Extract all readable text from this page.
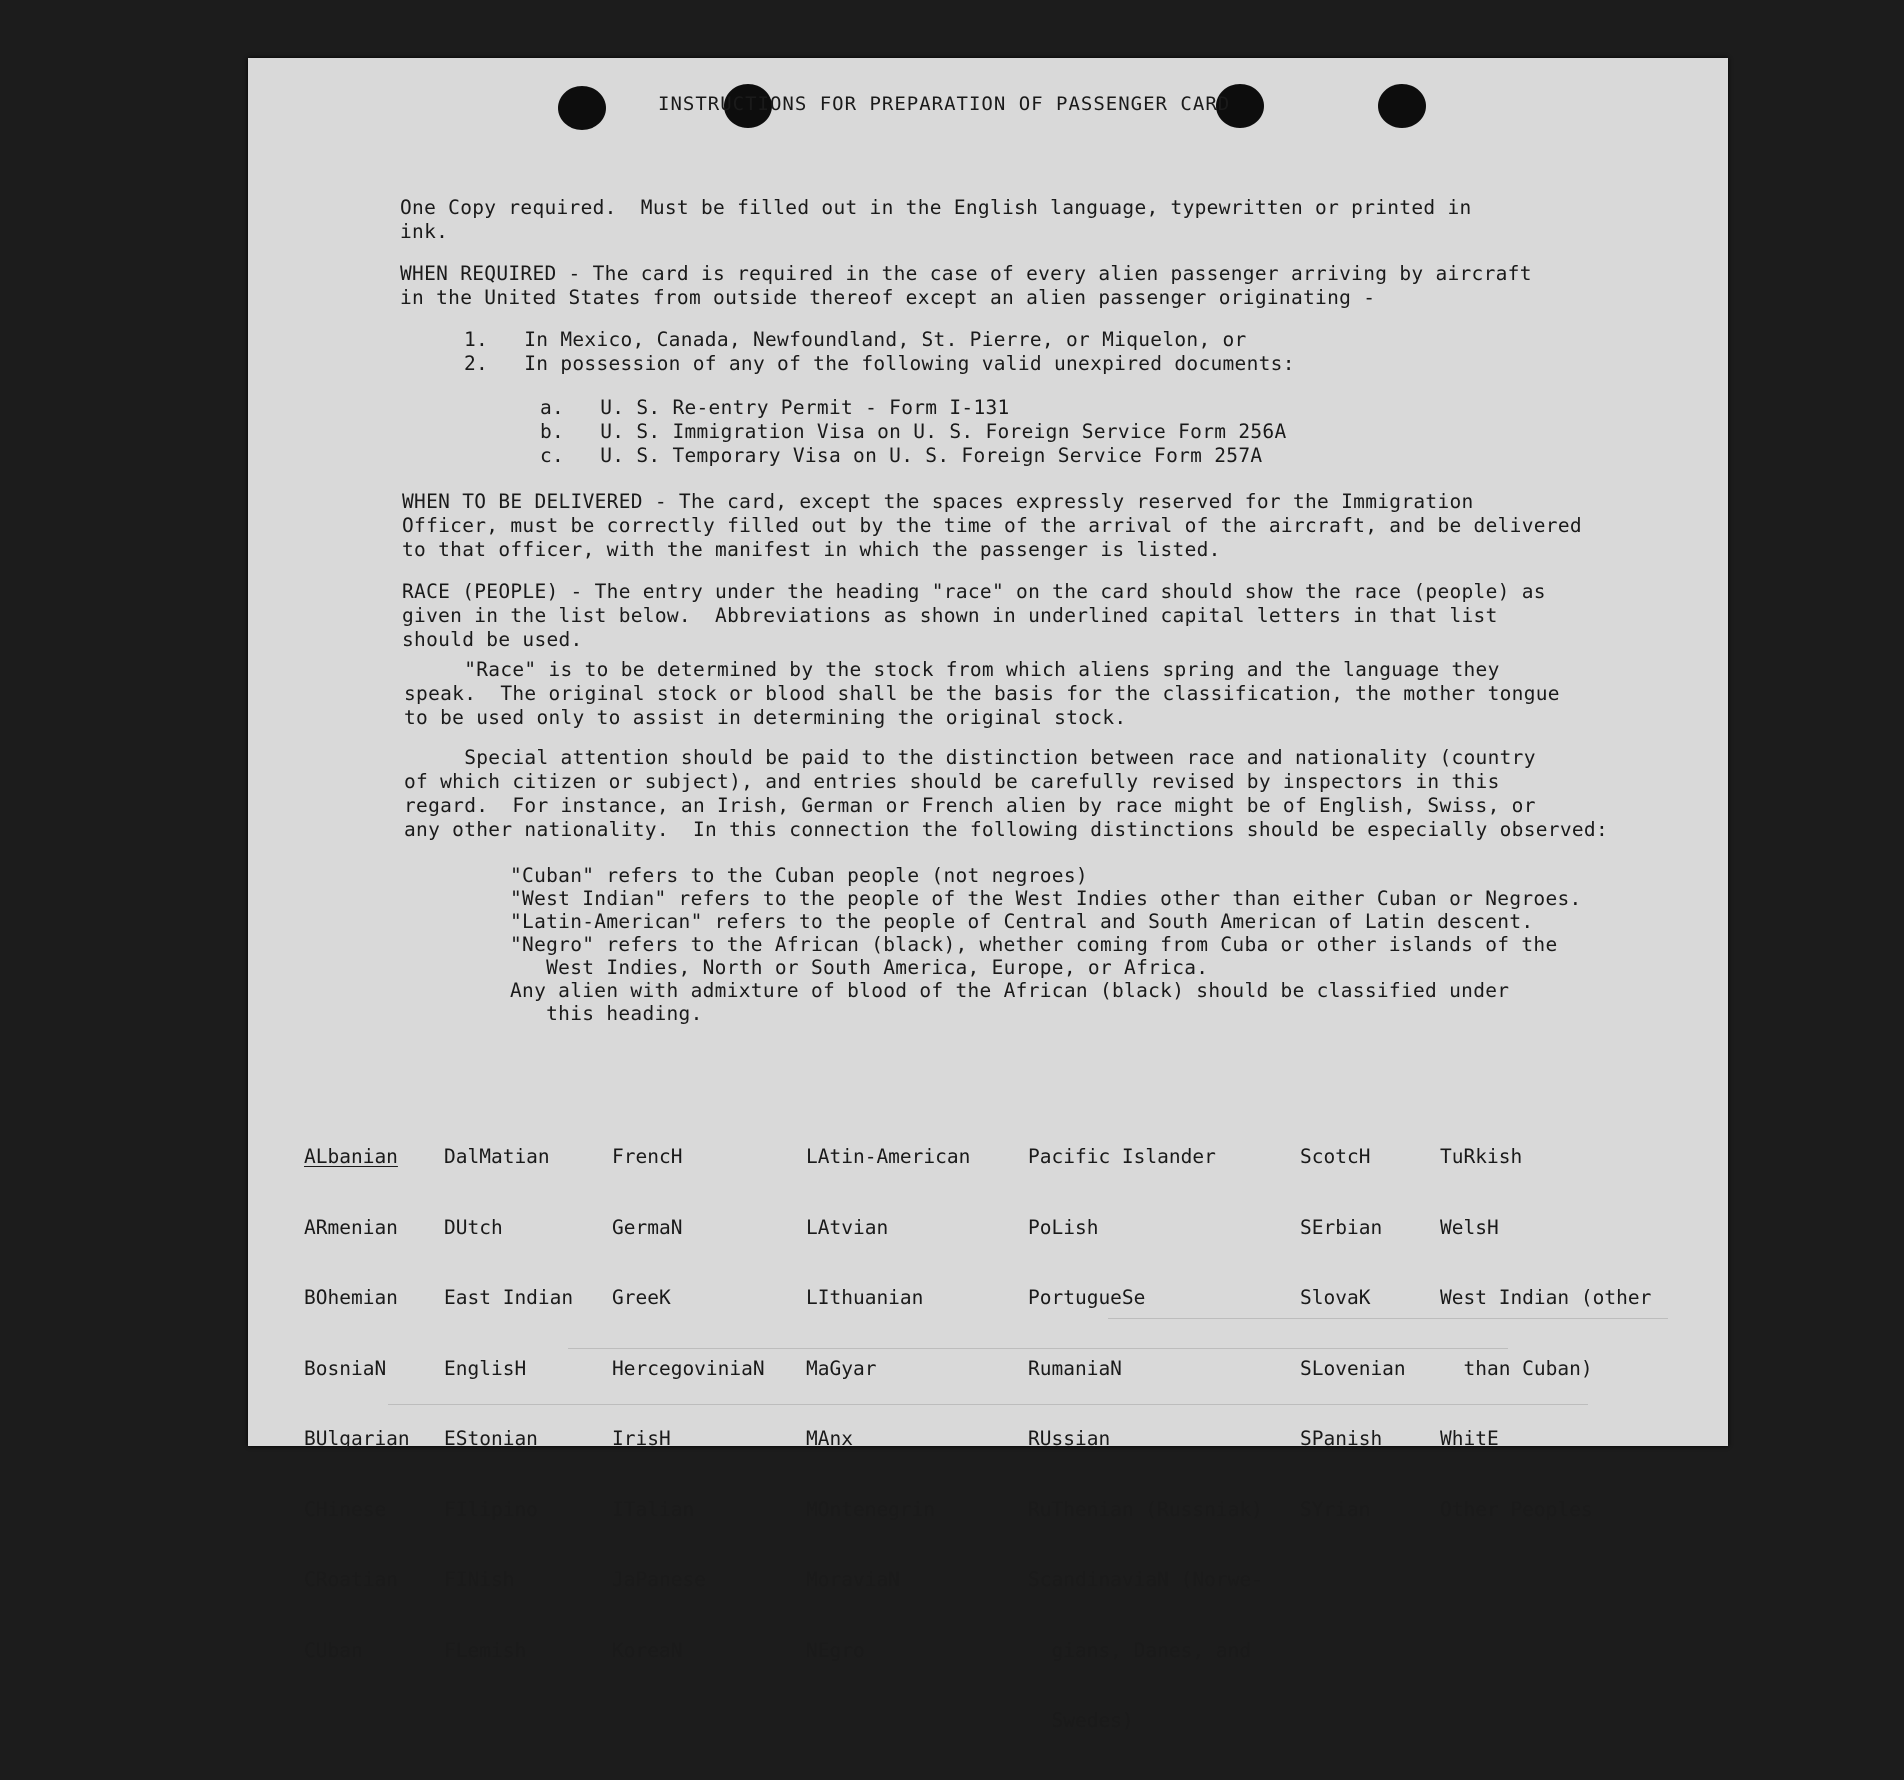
INSTRUCTIONS FOR PREPARATION OF PASSENGER CARD

One Copy required.  Must be filled out in the English language, typewritten or printed in
ink.

WHEN REQUIRED - The card is required in the case of every alien passenger arriving by aircraft
in the United States from outside thereof except an alien passenger originating -

1.   In Mexico, Canada, Newfoundland, St. Pierre, or Miquelon, or
2.   In possession of any of the following valid unexpired documents:

a.   U. S. Re-entry Permit - Form I-131
b.   U. S. Immigration Visa on U. S. Foreign Service Form 256A
c.   U. S. Temporary Visa on U. S. Foreign Service Form 257A

WHEN TO BE DELIVERED - The card, except the spaces expressly reserved for the Immigration
Officer, must be correctly filled out by the time of the arrival of the aircraft, and be delivered
to that officer, with the manifest in which the passenger is listed.

RACE (PEOPLE) - The entry under the heading "race" on the card should show the race (people) as
given in the list below.  Abbreviations as shown in underlined capital letters in that list
should be used.

"Race" is to be determined by the stock from which aliens spring and the language they
speak.  The original stock or blood shall be the basis for the classification, the mother tongue
to be used only to assist in determining the original stock.

Special attention should be paid to the distinction between race and nationality (country
of which citizen or subject), and entries should be carefully revised by inspectors in this
regard.  For instance, an Irish, German or French alien by race might be of English, Swiss, or
any other nationality.  In this connection the following distinctions should be especially observed:

"Cuban" refers to the Cuban people (not negroes)
"West Indian" refers to the people of the West Indies other than either Cuban or Negroes.
"Latin-American" refers to the people of Central and South American of Latin descent.
"Negro" refers to the African (black), whether coming from Cuba or other islands of the
West Indies, North or South America, Europe, or Africa.
Any alien with admixture of blood of the African (black) should be classified under
this heading.

ALbanian

ARmenian

BOhemian

BosniaN

BUlgarian

CHinese

CRoatian

CUban

DalMatian

DUtch

East Indian

EnglisH

EStonian

FIlipino

FINish

FLemish

FrencH

GermaN

GreeK

HercegoviniaN

IrisH

ITalian

JaPanese

KoreaN

LAtin-American

LAtvian

LIthuanian

MaGyar

MAnx

MOntenegrin

MoraviaN

NEgro

Pacific Islander

PoLish

PortugueSe

RumaniaN

RUssian

RuThenian (Russniak)

ScandinaviaN (Norwe-

gians, Danes, and

Swedes)

ScotcH

SErbian

SlovaK

SLovenian

SPanish

SYrian

TuRkish

WelsH

West Indian (other

than Cuban)

WhitE

Other Peoples
